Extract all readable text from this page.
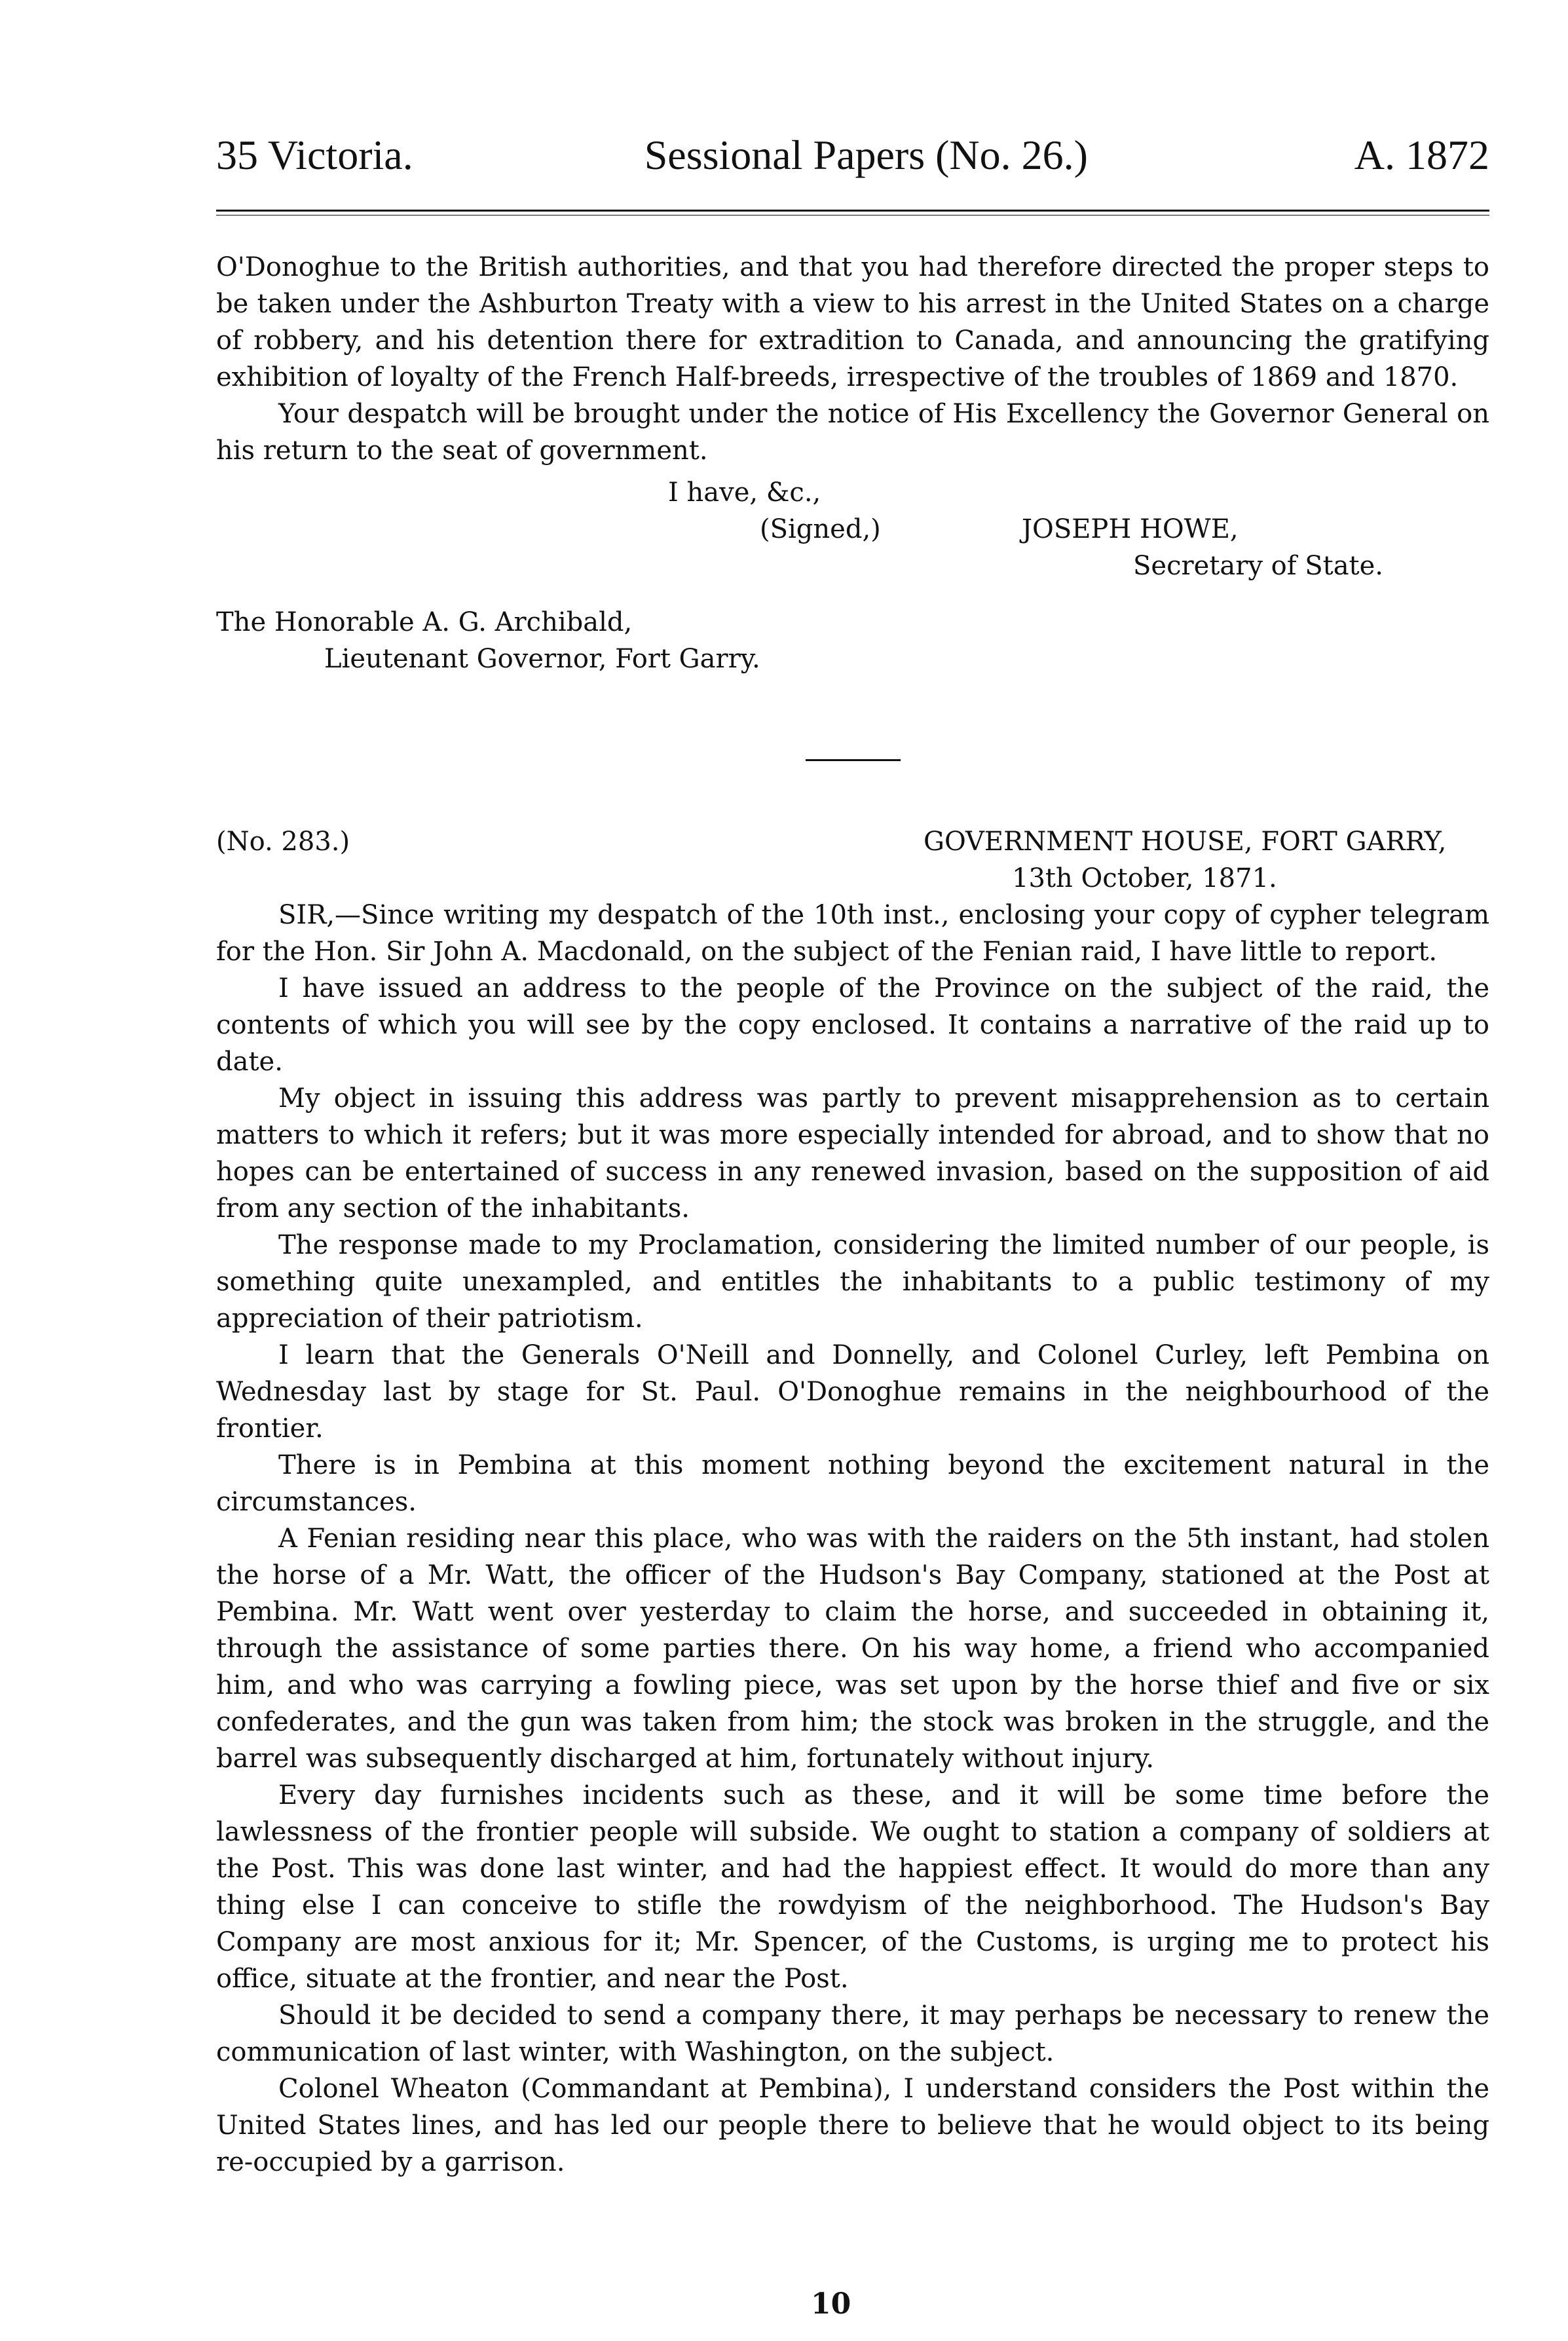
35 Victoria.	Sessional Papers (No. 26.)	A. 1872

O'Donoghue to the British authorities, and that you had therefore directed the proper steps to be taken under the Ashburton Treaty with a view to his arrest in the United States on a charge of robbery, and his detention there for extradition to Canada, and announcing the gratifying exhibition of loyalty of the French Half-breeds, irrespective of the troubles of 1869 and 1870.

Your despatch will be brought under the notice of His Excellency the Governor General on his return to the seat of government.

I have, &c.,
(Signed,)	JOSEPH HOWE,
Secretary of State.
The Honorable A. G. Archibald,
Lieutenant Governor, Fort Garry.
(No. 283.)	GOVERNMENT HOUSE, FORT GARRY,
13th October, 1871.

SIR,—Since writing my despatch of the 10th inst., enclosing your copy of cypher telegram for the Hon. Sir John A. Macdonald, on the subject of the Fenian raid, I have little to report.

I have issued an address to the people of the Province on the subject of the raid, the contents of which you will see by the copy enclosed. It contains a narrative of the raid up to date.

My object in issuing this address was partly to prevent misapprehension as to certain matters to which it refers; but it was more especially intended for abroad, and to show that no hopes can be entertained of success in any renewed invasion, based on the supposition of aid from any section of the inhabitants.

The response made to my Proclamation, considering the limited number of our people, is something quite unexampled, and entitles the inhabitants to a public testimony of my appreciation of their patriotism.

I learn that the Generals O'Neill and Donnelly, and Colonel Curley, left Pembina on Wednesday last by stage for St. Paul. O'Donoghue remains in the neighbourhood of the frontier.

There is in Pembina at this moment nothing beyond the excitement natural in the circumstances.

A Fenian residing near this place, who was with the raiders on the 5th instant, had stolen the horse of a Mr. Watt, the officer of the Hudson's Bay Company, stationed at the Post at Pembina. Mr. Watt went over yesterday to claim the horse, and succeeded in obtaining it, through the assistance of some parties there. On his way home, a friend who accompanied him, and who was carrying a fowling piece, was set upon by the horse thief and five or six confederates, and the gun was taken from him; the stock was broken in the struggle, and the barrel was subsequently discharged at him, fortunately without injury.

Every day furnishes incidents such as these, and it will be some time before the lawlessness of the frontier people will subside. We ought to station a company of soldiers at the Post. This was done last winter, and had the happiest effect. It would do more than any thing else I can conceive to stifle the rowdyism of the neighborhood. The Hudson's Bay Company are most anxious for it; Mr. Spencer, of the Customs, is urging me to protect his office, situate at the frontier, and near the Post.

Should it be decided to send a company there, it may perhaps be necessary to renew the communication of last winter, with Washington, on the subject.

Colonel Wheaton (Commandant at Pembina), I understand considers the Post within the United States lines, and has led our people there to believe that he would object to its being re-occupied by a garrison.

10
